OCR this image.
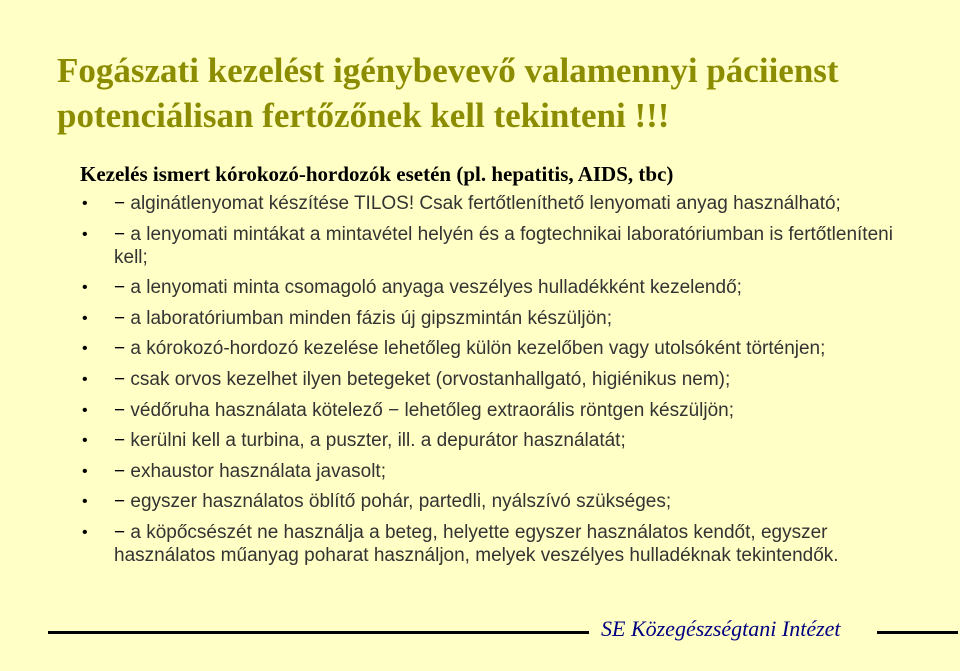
Fogászati kezelést igénybevevő valamennyi páciienst potenciálisan fertőzőnek kell tekinteni !!!

Kezelés ismert kórokozó-hordozók esetén (pl. hepatitis, AIDS, tbc)

• − alginátlenyomat készítése TILOS! Csak fertőtleníthető lenyomati anyag használható;
• − a lenyomati mintákat a mintavétel helyén és a fogtechnikai laboratóriumban is fertőtleníteni kell;
• − a lenyomati minta csomagoló anyaga veszélyes hulladékként kezelendő;
• − a laboratóriumban minden fázis új gipszmintán készüljön;
• − a kórokozó-hordozó kezelése lehetőleg külön kezelőben vagy utolsóként történjen;
• − csak orvos kezelhet ilyen betegeket (orvostanhallgató, higiénikus nem);
• − védőruha használata kötelező − lehetőleg extraorális röntgen készüljön;
• − kerülni kell a turbina, a puszter, ill. a depurátor használatát;
• − exhaustor használata javasolt;
• − egyszer használatos öblítő pohár, partedli, nyálszívó szükséges;
• − a köpőcsészét ne használja a beteg, helyette egyszer használatos kendőt, egyszer használatos műanyag poharat használjon, melyek veszélyes hulladéknak tekintendők.

SE Közegészségtani Intézet
